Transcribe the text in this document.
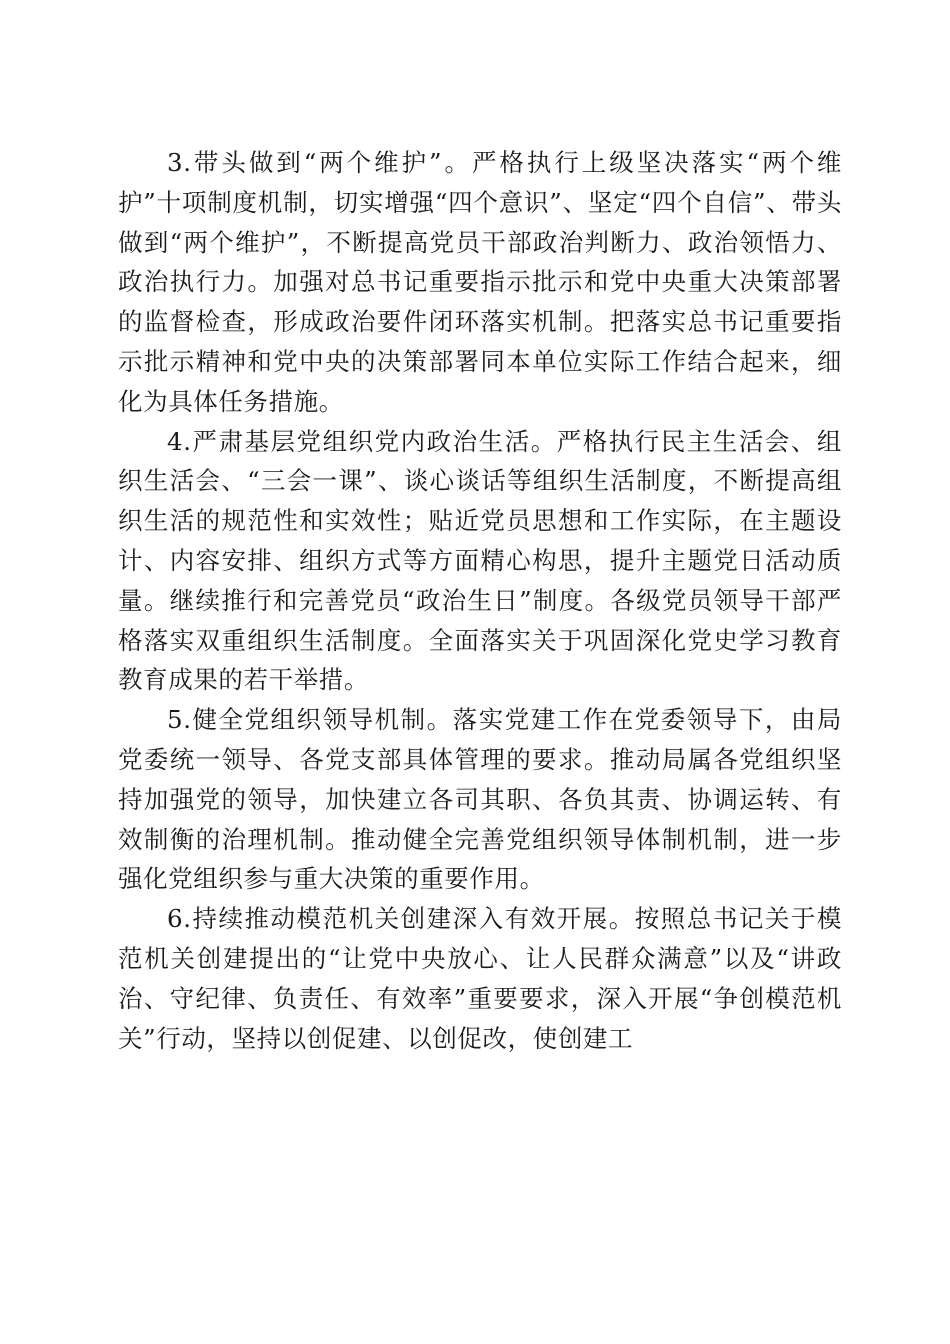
3.带头做到“两个维护”。严格执行上级坚决落实“两个维护”十项制度机制，切实增强“四个意识”、坚定“四个自信”、带头做到“两个维护”，不断提高党员干部政治判断力、政治领悟力、政治执行力。加强对总书记重要指示批示和党中央重大决策部署的监督检查，形成政治要件闭环落实机制。把落实总书记重要指示批示精神和党中央的决策部署同本单位实际工作结合起来，细化为具体任务措施。

4.严肃基层党组织党内政治生活。严格执行民主生活会、组织生活会、“三会一课”、谈心谈话等组织生活制度，不断提高组织生活的规范性和实效性；贴近党员思想和工作实际，在主题设计、内容安排、组织方式等方面精心构思，提升主题党日活动质量。继续推行和完善党员“政治生日”制度。各级党员领导干部严格落实双重组织生活制度。全面落实关于巩固深化党史学习教育教育成果的若干举措。

5.健全党组织领导机制。落实党建工作在党委领导下，由局党委统一领导、各党支部具体管理的要求。推动局属各党组织坚持加强党的领导，加快建立各司其职、各负其责、协调运转、有效制衡的治理机制。推动健全完善党组织领导体制机制，进一步强化党组织参与重大决策的重要作用。

6.持续推动模范机关创建深入有效开展。按照总书记关于模范机关创建提出的“让党中央放心、让人民群众满意”以及“讲政治、守纪律、负责任、有效率”重要要求，深入开展“争创模范机关”行动，坚持以创促建、以创促改，使创建工
